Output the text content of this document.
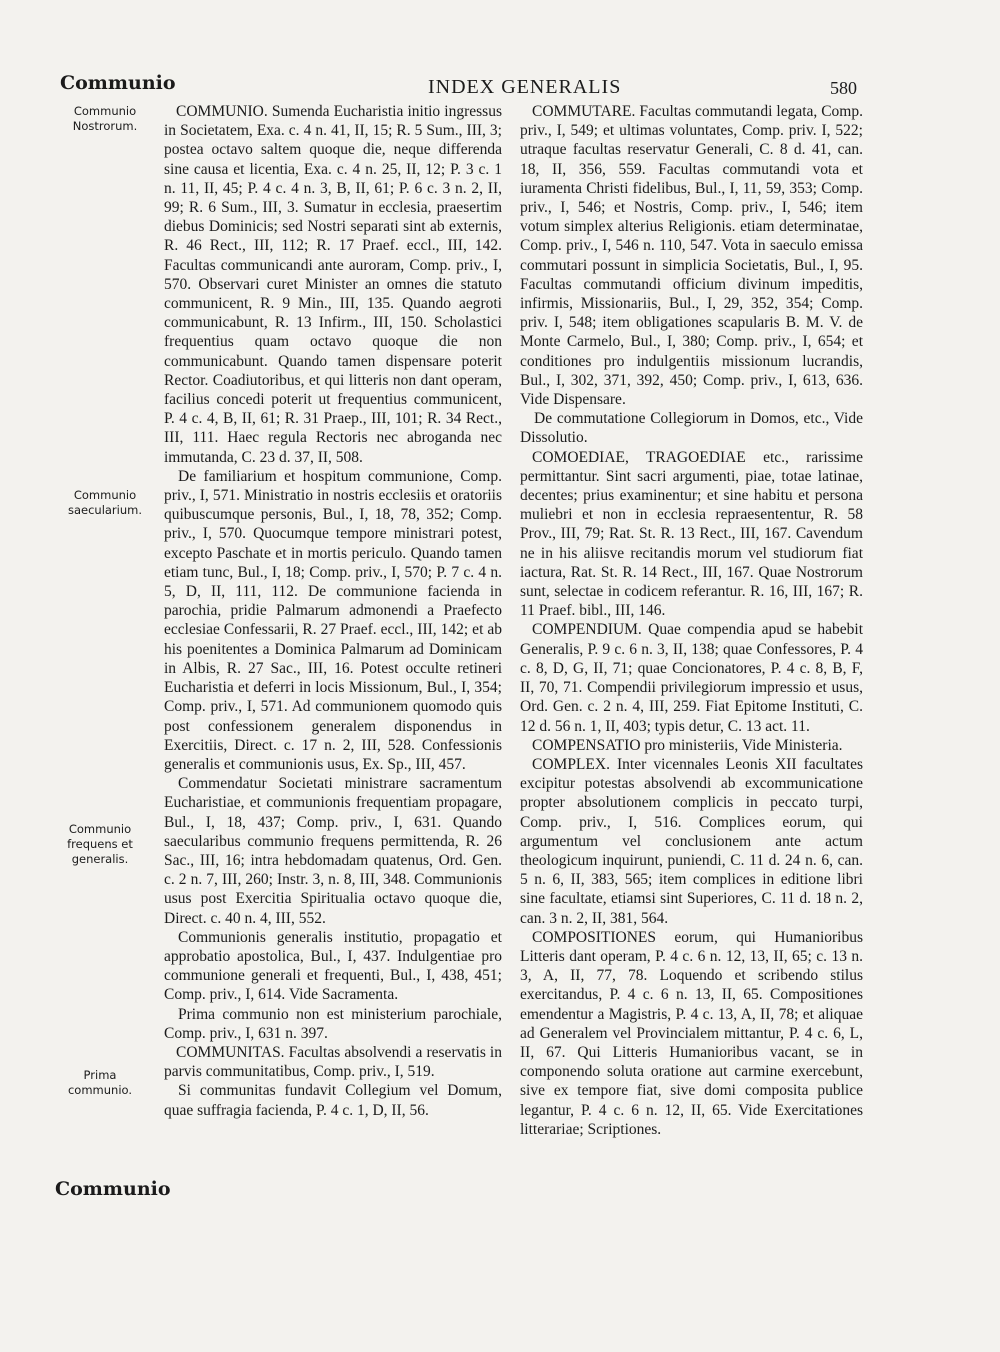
Communio	INDEX GENERALIS	580
Communio Nostrorum.
Communio saecularium.
Communio frequens et generalis.
Prima communio.

COMMUNIO. Sumenda Eucharistia initio ingressus in Societatem, Exa. c. 4 n. 41, II, 15; R. 5 Sum., III, 3; postea octavo saltem quoque die, neque differenda sine causa et licentia, Exa. c. 4 n. 25, II, 12; P. 3 c. 1 n. 11, II, 45; P. 4 c. 4 n. 3, B, II, 61; P. 6 c. 3 n. 2, II, 99; R. 6 Sum., III, 3. Sumatur in ecclesia, praesertim diebus Dominicis; sed Nostri separati sint ab externis, R. 46 Rect., III, 112; R. 17 Praef. eccl., III, 142. Facultas communicandi ante auroram, Comp. priv., I, 570. Observari curet Minister an omnes die statuto communicent, R. 9 Min., III, 135. Quando aegroti communicabunt, R. 13 Infirm., III, 150. Scholastici frequentius quam octavo quoque die non communicabunt. Quando tamen dispensare poterit Rector. Coadiutoribus, et qui litteris non dant operam, facilius concedi poterit ut frequentius communicent, P. 4 c. 4, B, II, 61; R. 31 Praep., III, 101; R. 34 Rect., III, 111. Haec regula Rectoris nec abroganda nec immutanda, C. 23 d. 37, II, 508.

De familiarium et hospitum communione, Comp. priv., I, 571. Ministratio in nostris ecclesiis et oratoriis quibuscumque personis, Bul., I, 18, 78, 352; Comp. priv., I, 570. Quocumque tempore ministrari potest, excepto Paschate et in mortis periculo. Quando tamen etiam tunc, Bul., I, 18; Comp. priv., I, 570; P. 7 c. 4 n. 5, D, II, 111, 112. De communione facienda in parochia, pridie Palmarum admonendi a Praefecto ecclesiae Confessarii, R. 27 Praef. eccl., III, 142; et ab his poenitentes a Dominica Palmarum ad Dominicam in Albis, R. 27 Sac., III, 16. Potest occulte retineri Eucharistia et deferri in locis Missionum, Bul., I, 354; Comp. priv., I, 571. Ad communionem quomodo quis post confessionem generalem disponendus in Exercitiis, Direct. c. 17 n. 2, III, 528. Confessionis generalis et communionis usus, Ex. Sp., III, 457.

Commendatur Societati ministrare sacramentum Eucharistiae, et communionis frequentiam propagare, Bul., I, 18, 437; Comp. priv., I, 631. Quando saecularibus communio frequens permittenda, R. 26 Sac., III, 16; intra hebdomadam quatenus, Ord. Gen. c. 2 n. 7, III, 260; Instr. 3, n. 8, III, 348. Communionis usus post Exercitia Spiritualia octavo quoque die, Direct. c. 40 n. 4, III, 552.

Communionis generalis institutio, propagatio et approbatio apostolica, Bul., I, 437. Indulgentiae pro communione generali et frequenti, Bul., I, 438, 451; Comp. priv., I, 614. Vide Sacramenta.

Prima communio non est ministerium parochiale, Comp. priv., I, 631 n. 397.

COMMUNITAS. Facultas absolvendi a reservatis in parvis communitatibus, Comp. priv., I, 519.

Si communitas fundavit Collegium vel Domum, quae suffragia facienda, P. 4 c. 1, D, II, 56.

COMMUTARE. Facultas commutandi legata, Comp. priv., I, 549; et ultimas voluntates, Comp. priv. I, 522; utraque facultas reservatur Generali, C. 8 d. 41, can. 18, II, 356, 559. Facultas commutandi vota et iuramenta Christi fidelibus, Bul., I, 11, 59, 353; Comp. priv., I, 546; et Nostris, Comp. priv., I, 546; item votum simplex alterius Religionis. etiam determinatae, Comp. priv., I, 546 n. 110, 547. Vota in saeculo emissa commutari possunt in simplicia Societatis, Bul., I, 95. Facultas commutandi officium divinum impeditis, infirmis, Missionariis, Bul., I, 29, 352, 354; Comp. priv. I, 548; item obligationes scapularis B. M. V. de Monte Carmelo, Bul., I, 380; Comp. priv., I, 654; et conditiones pro indulgentiis missionum lucrandis, Bul., I, 302, 371, 392, 450; Comp. priv., I, 613, 636. Vide Dispensare.

De commutatione Collegiorum in Domos, etc., Vide Dissolutio.

COMOEDIAE, TRAGOEDIAE etc., rarissime permittantur. Sint sacri argumenti, piae, totae latinae, decentes; prius examinentur; et sine habitu et persona muliebri et non in ecclesia repraesententur, R. 58 Prov., III, 79; Rat. St. R. 13 Rect., III, 167. Cavendum ne in his aliisve recitandis morum vel studiorum fiat iactura, Rat. St. R. 14 Rect., III, 167. Quae Nostrorum sunt, selectae in codicem referantur. R. 16, III, 167; R. 11 Praef. bibl., III, 146.

COMPENDIUM. Quae compendia apud se habebit Generalis, P. 9 c. 6 n. 3, II, 138; quae Confessores, P. 4 c. 8, D, G, II, 71; quae Concionatores, P. 4 c. 8, B, F, II, 70, 71. Compendii privilegiorum impressio et usus, Ord. Gen. c. 2 n. 4, III, 259. Fiat Epitome Instituti, C. 12 d. 56 n. 1, II, 403; typis detur, C. 13 act. 11.

COMPENSATIO pro ministeriis, Vide Ministeria.

COMPLEX. Inter vicennales Leonis XII facultates excipitur potestas absolvendi ab excommunicatione propter absolutionem complicis in peccato turpi, Comp. priv., I, 516. Complices eorum, qui argumentum vel conclusionem ante actum theologicum inquirunt, puniendi, C. 11 d. 24 n. 6, can. 5 n. 6, II, 383, 565; item complices in editione libri sine facultate, etiamsi sint Superiores, C. 11 d. 18 n. 2, can. 3 n. 2, II, 381, 564.

COMPOSITIONES eorum, qui Humanioribus Litteris dant operam, P. 4 c. 6 n. 12, 13, II, 65; c. 13 n. 3, A, II, 77, 78. Loquendo et scribendo stilus exercitandus, P. 4 c. 6 n. 13, II, 65. Compositiones emendentur a Magistris, P. 4 c. 13, A, II, 78; et aliquae ad Generalem vel Provincialem mittantur, P. 4 c. 6, L, II, 67. Qui Litteris Humanioribus vacant, se in componendo soluta oratione aut carmine exercebunt, sive ex tempore fiat, sive domi composita publice legantur, P. 4 c. 6 n. 12, II, 65. Vide Exercitationes litterariae; Scriptiones.

Communio
